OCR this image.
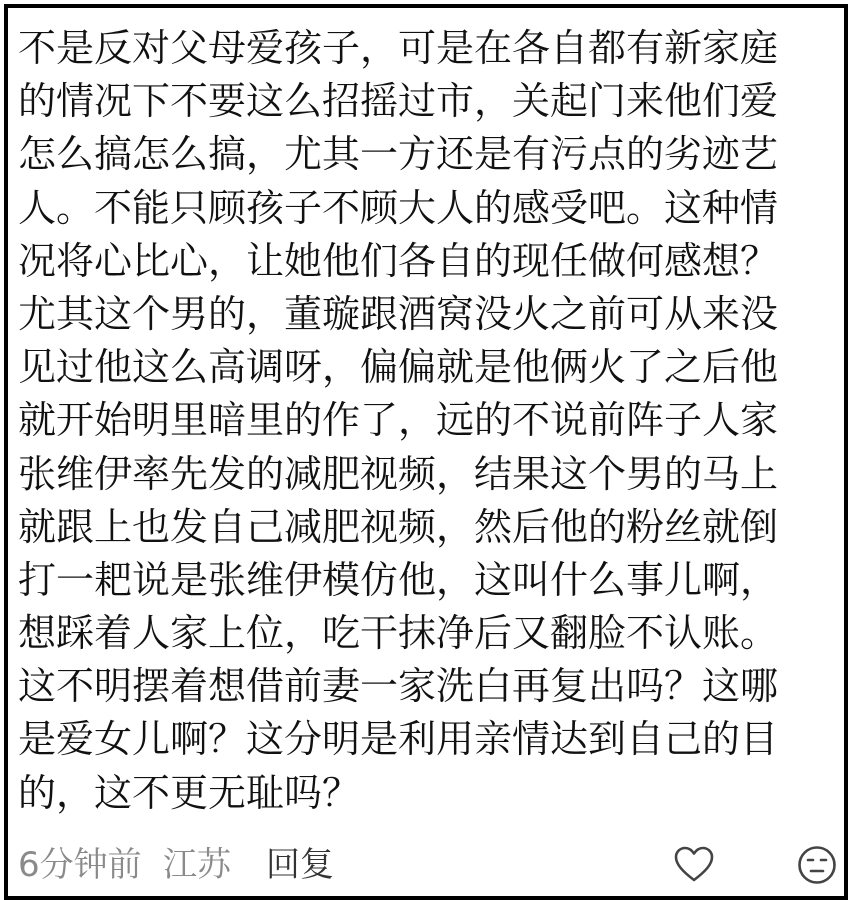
不是反对父母爱孩子，可是在各自都有新家庭
的情况下不要这么招摇过市，关起门来他们爱
怎么搞怎么搞，尤其一方还是有污点的劣迹艺
人。不能只顾孩子不顾大人的感受吧。这种情
况将心比心，让她他们各自的现任做何感想？
尤其这个男的，董璇跟酒窝没火之前可从来没
见过他这么高调呀，偏偏就是他俩火了之后他
就开始明里暗里的作了，远的不说前阵子人家
张维伊率先发的减肥视频，结果这个男的马上
就跟上也发自己减肥视频，然后他的粉丝就倒
打一耙说是张维伊模仿他，这叫什么事儿啊，
想踩着人家上位，吃干抹净后又翻脸不认账。
这不明摆着想借前妻一家洗白再复出吗？这哪
是爱女儿啊？这分明是利用亲情达到自己的目
的，这不更无耻吗？
6分钟前 江苏 回复
